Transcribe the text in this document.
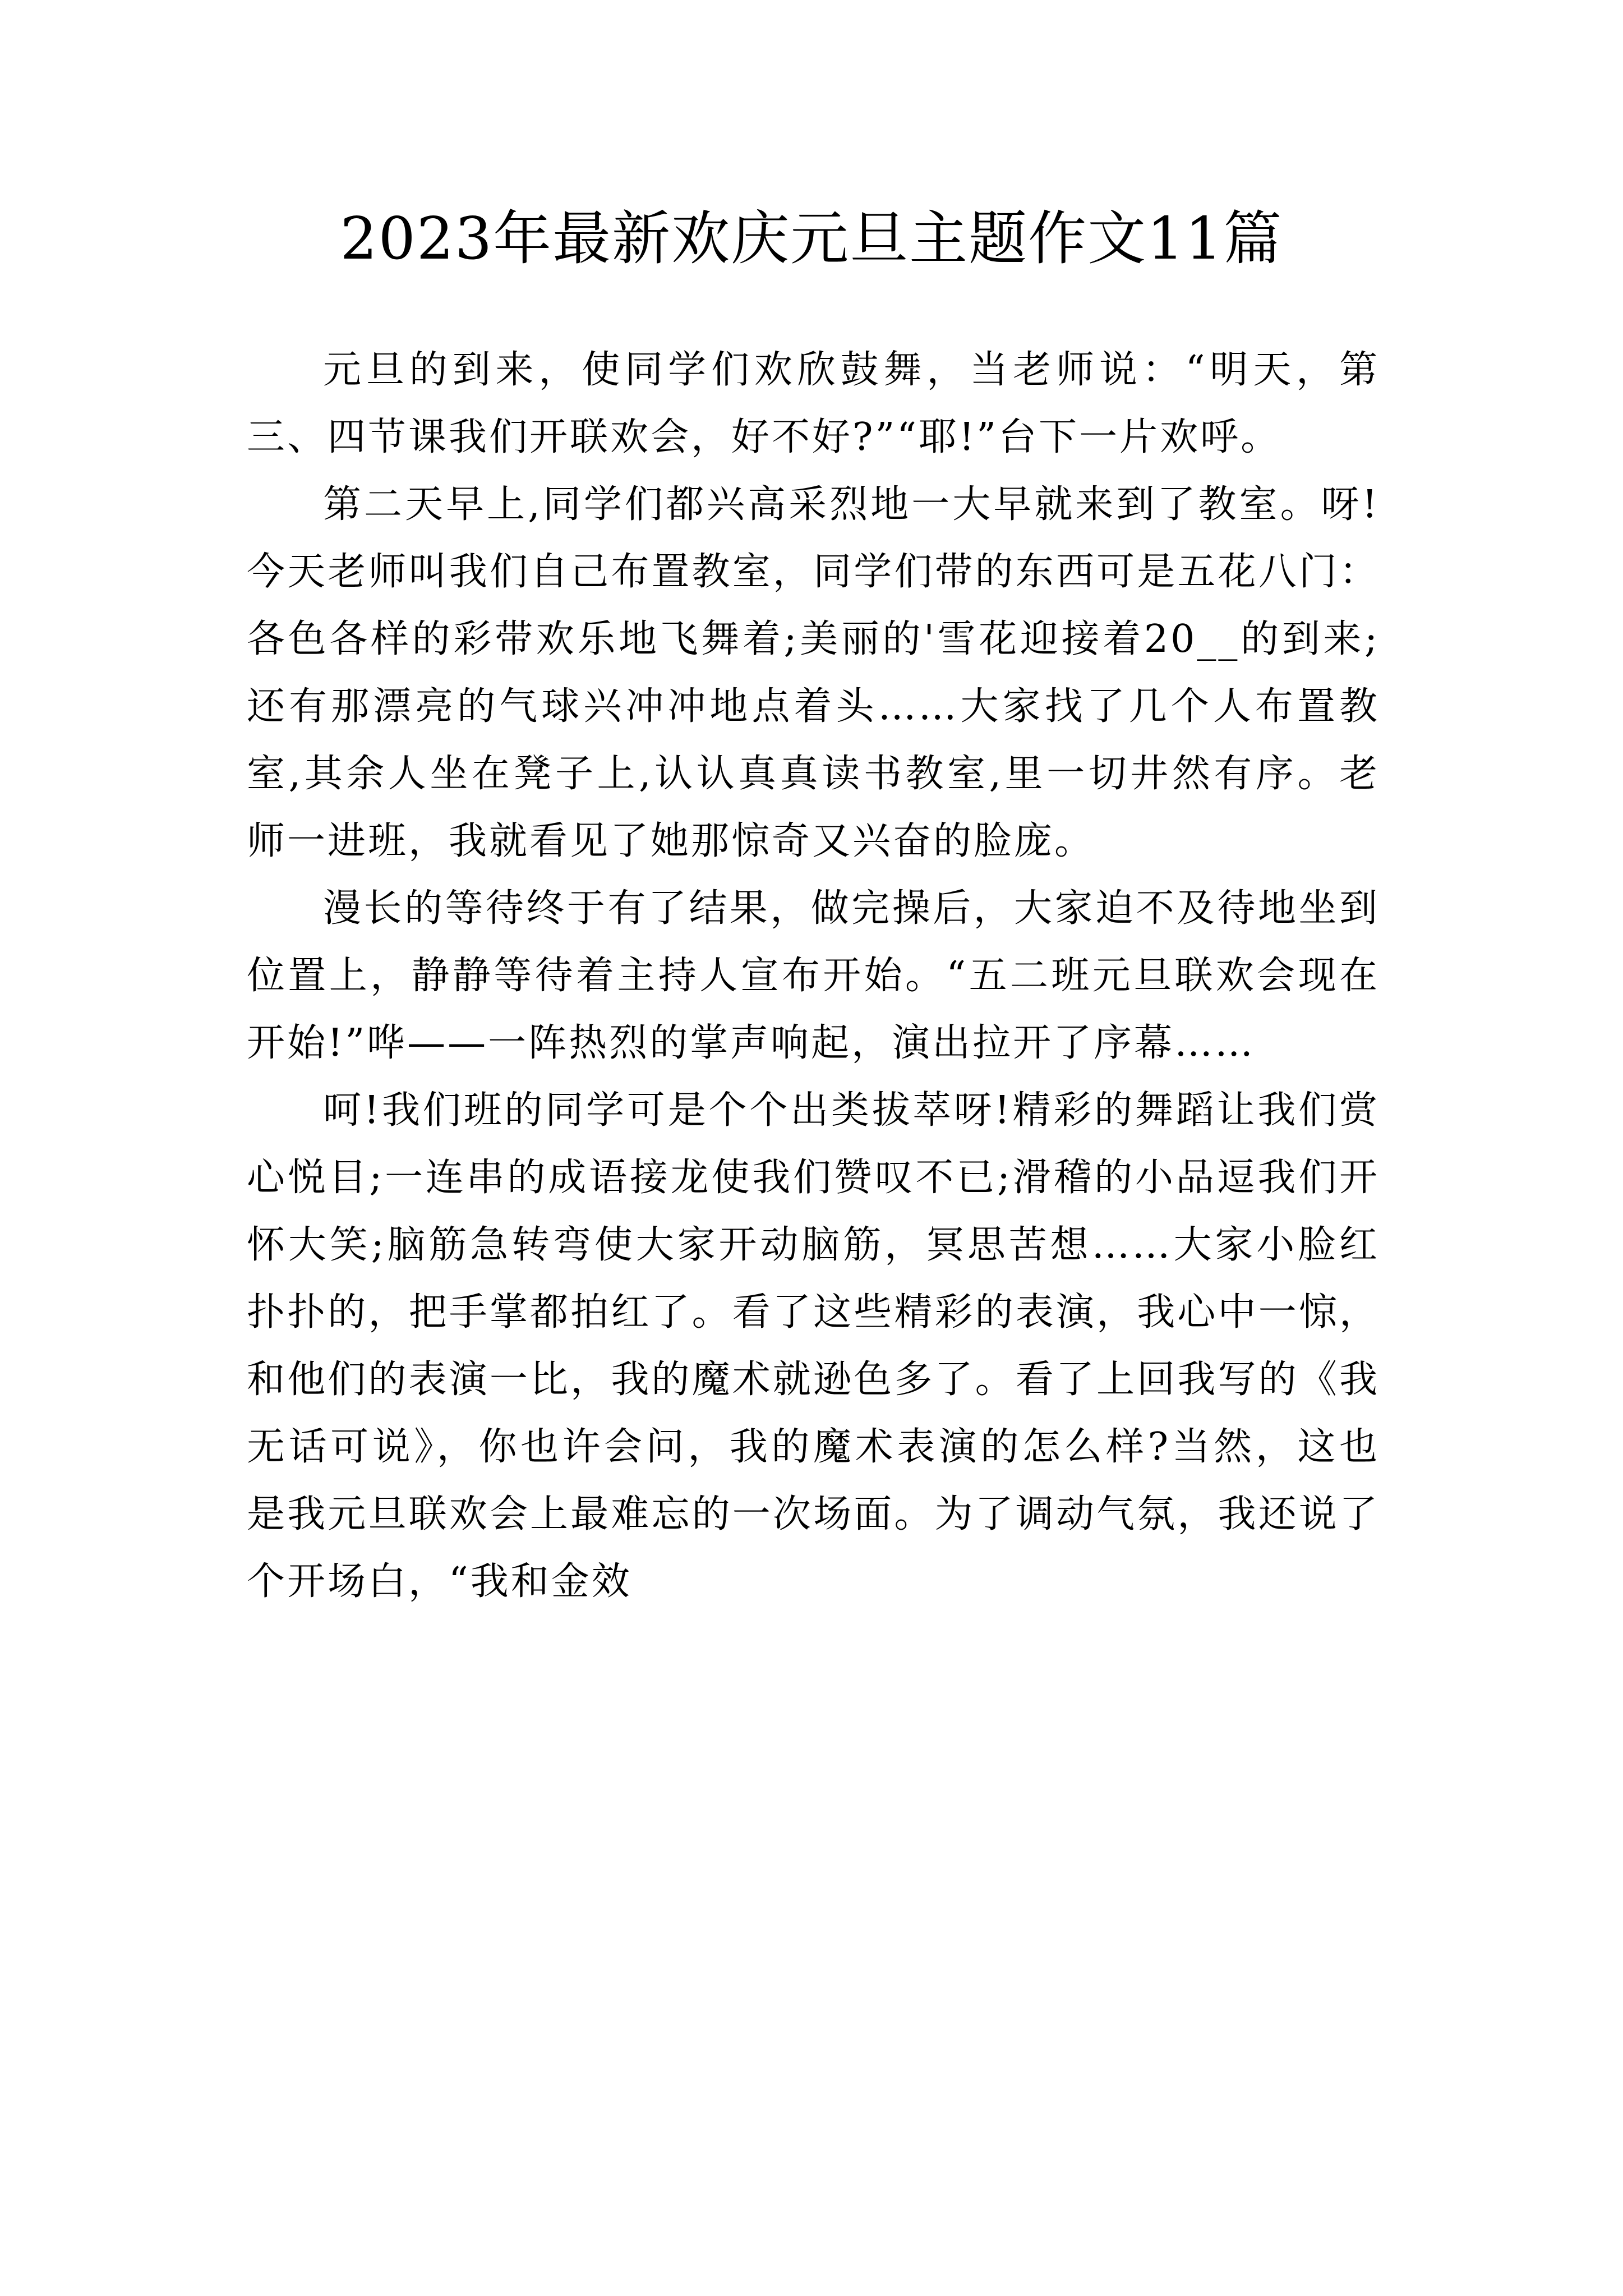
2023年最新欢庆元旦主题作文11篇

元旦的到来，使同学们欢欣鼓舞，当老师说：“明天，第三、四节课我们开联欢会，好不好?”“耶!”台下一片欢呼。

第二天早上,同学们都兴高采烈地一大早就来到了教室。呀!今天老师叫我们自己布置教室，同学们带的东西可是五花八门：各色各样的彩带欢乐地飞舞着;美丽的'雪花迎接着20__的到来;还有那漂亮的气球兴冲冲地点着头……大家找了几个人布置教室,其余人坐在凳子上,认认真真读书教室,里一切井然有序。老师一进班，我就看见了她那惊奇又兴奋的脸庞。

漫长的等待终于有了结果，做完操后，大家迫不及待地坐到位置上，静静等待着主持人宣布开始。“五二班元旦联欢会现在开始!”哗——一阵热烈的掌声响起，演出拉开了序幕……

呵!我们班的同学可是个个出类拔萃呀!精彩的舞蹈让我们赏心悦目;一连串的成语接龙使我们赞叹不已;滑稽的小品逗我们开怀大笑;脑筋急转弯使大家开动脑筋，冥思苦想……大家小脸红扑扑的，把手掌都拍红了。看了这些精彩的表演，我心中一惊，和他们的表演一比，我的魔术就逊色多了。看了上回我写的《我无话可说》，你也许会问，我的魔术表演的怎么样?当然，这也是我元旦联欢会上最难忘的一次场面。为了调动气氛，我还说了个开场白，“我和金效
